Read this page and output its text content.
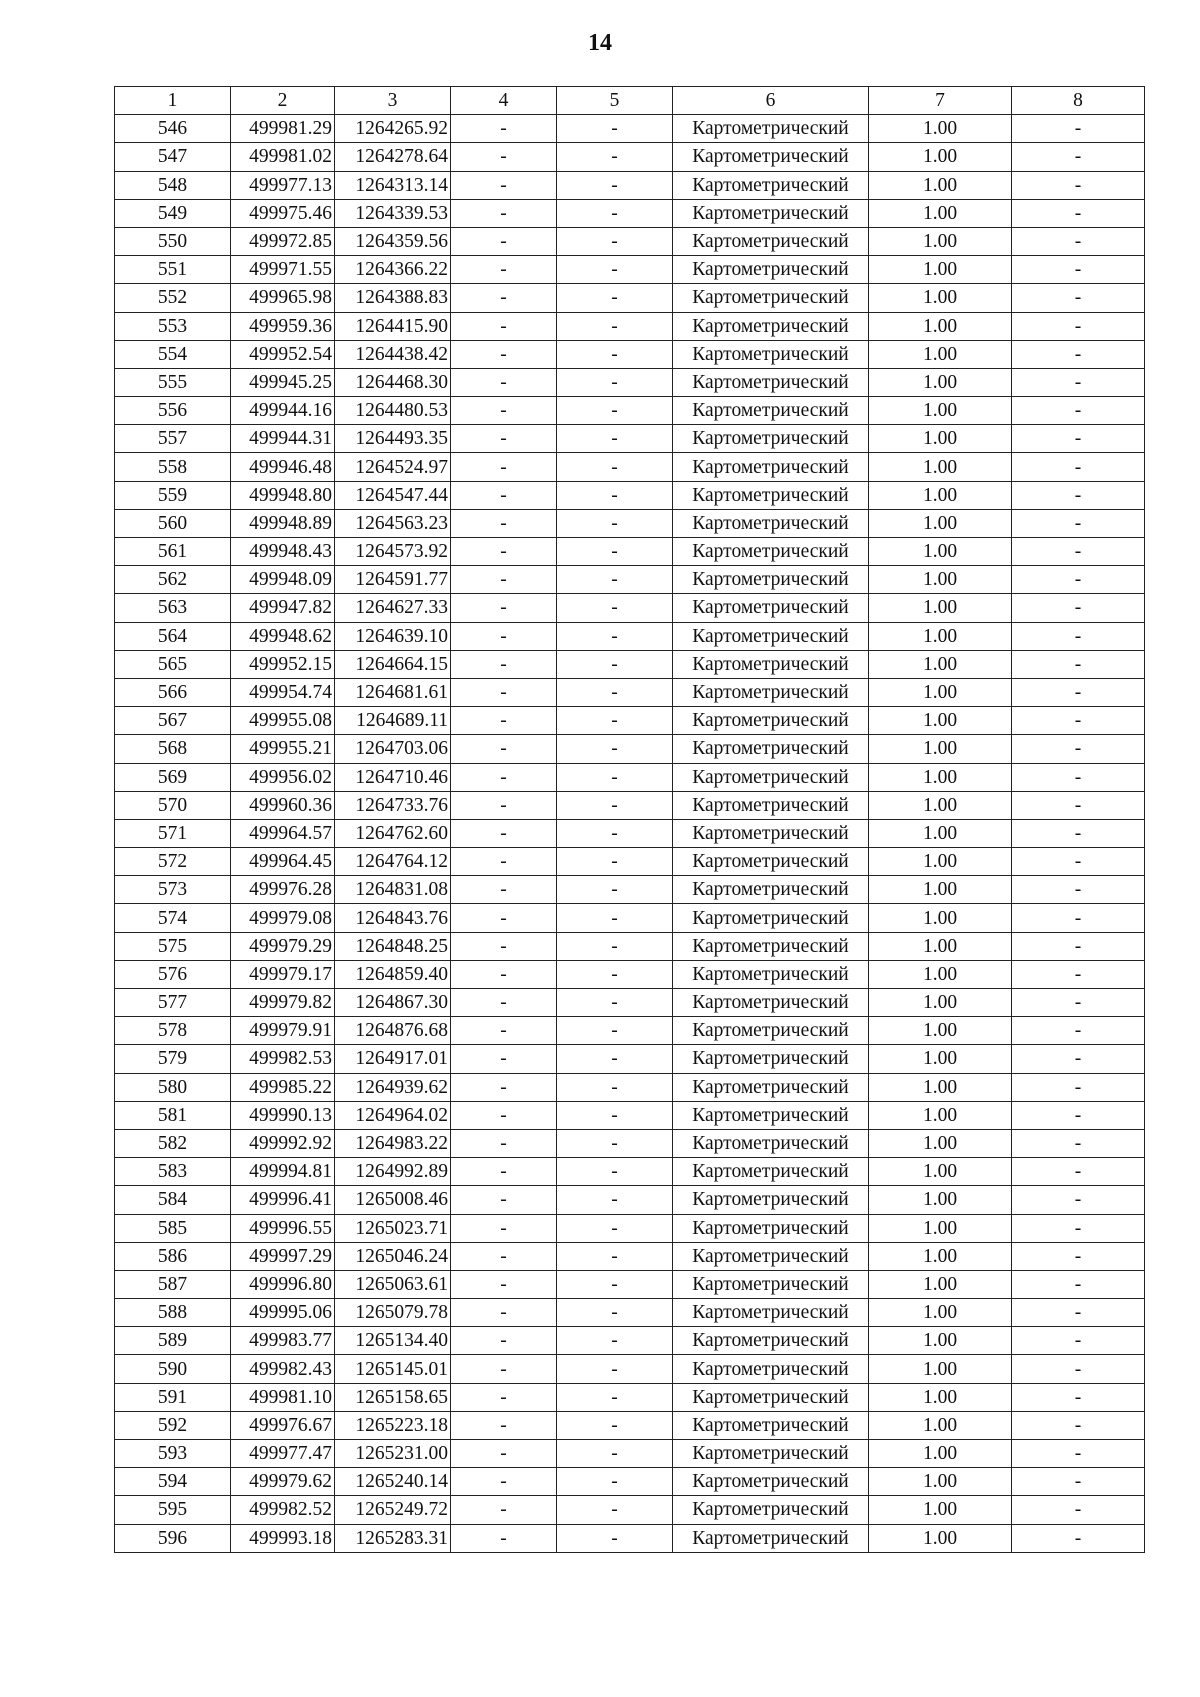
14
1	2	3	4	5	6	7	8
546	499981.29	1264265.92	-	-	Картометрический	1.00	-
547	499981.02	1264278.64	-	-	Картометрический	1.00	-
548	499977.13	1264313.14	-	-	Картометрический	1.00	-
549	499975.46	1264339.53	-	-	Картометрический	1.00	-
550	499972.85	1264359.56	-	-	Картометрический	1.00	-
551	499971.55	1264366.22	-	-	Картометрический	1.00	-
552	499965.98	1264388.83	-	-	Картометрический	1.00	-
553	499959.36	1264415.90	-	-	Картометрический	1.00	-
554	499952.54	1264438.42	-	-	Картометрический	1.00	-
555	499945.25	1264468.30	-	-	Картометрический	1.00	-
556	499944.16	1264480.53	-	-	Картометрический	1.00	-
557	499944.31	1264493.35	-	-	Картометрический	1.00	-
558	499946.48	1264524.97	-	-	Картометрический	1.00	-
559	499948.80	1264547.44	-	-	Картометрический	1.00	-
560	499948.89	1264563.23	-	-	Картометрический	1.00	-
561	499948.43	1264573.92	-	-	Картометрический	1.00	-
562	499948.09	1264591.77	-	-	Картометрический	1.00	-
563	499947.82	1264627.33	-	-	Картометрический	1.00	-
564	499948.62	1264639.10	-	-	Картометрический	1.00	-
565	499952.15	1264664.15	-	-	Картометрический	1.00	-
566	499954.74	1264681.61	-	-	Картометрический	1.00	-
567	499955.08	1264689.11	-	-	Картометрический	1.00	-
568	499955.21	1264703.06	-	-	Картометрический	1.00	-
569	499956.02	1264710.46	-	-	Картометрический	1.00	-
570	499960.36	1264733.76	-	-	Картометрический	1.00	-
571	499964.57	1264762.60	-	-	Картометрический	1.00	-
572	499964.45	1264764.12	-	-	Картометрический	1.00	-
573	499976.28	1264831.08	-	-	Картометрический	1.00	-
574	499979.08	1264843.76	-	-	Картометрический	1.00	-
575	499979.29	1264848.25	-	-	Картометрический	1.00	-
576	499979.17	1264859.40	-	-	Картометрический	1.00	-
577	499979.82	1264867.30	-	-	Картометрический	1.00	-
578	499979.91	1264876.68	-	-	Картометрический	1.00	-
579	499982.53	1264917.01	-	-	Картометрический	1.00	-
580	499985.22	1264939.62	-	-	Картометрический	1.00	-
581	499990.13	1264964.02	-	-	Картометрический	1.00	-
582	499992.92	1264983.22	-	-	Картометрический	1.00	-
583	499994.81	1264992.89	-	-	Картометрический	1.00	-
584	499996.41	1265008.46	-	-	Картометрический	1.00	-
585	499996.55	1265023.71	-	-	Картометрический	1.00	-
586	499997.29	1265046.24	-	-	Картометрический	1.00	-
587	499996.80	1265063.61	-	-	Картометрический	1.00	-
588	499995.06	1265079.78	-	-	Картометрический	1.00	-
589	499983.77	1265134.40	-	-	Картометрический	1.00	-
590	499982.43	1265145.01	-	-	Картометрический	1.00	-
591	499981.10	1265158.65	-	-	Картометрический	1.00	-
592	499976.67	1265223.18	-	-	Картометрический	1.00	-
593	499977.47	1265231.00	-	-	Картометрический	1.00	-
594	499979.62	1265240.14	-	-	Картометрический	1.00	-
595	499982.52	1265249.72	-	-	Картометрический	1.00	-
596	499993.18	1265283.31	-	-	Картометрический	1.00	-
